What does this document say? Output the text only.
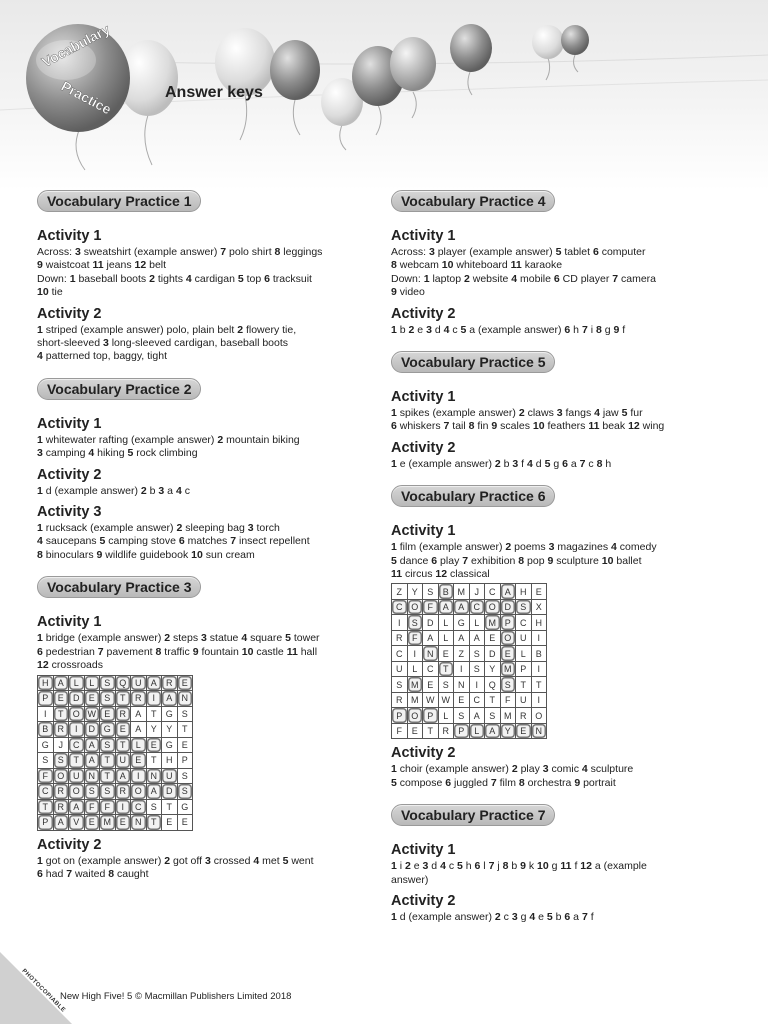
Vocabulary
Practice	Answer keys
Vocabulary Practice 1
Activity 1
Across: 3 sweatshirt (example answer) 7 polo shirt 8 leggings
9 waistcoat 11 jeans 12 belt
Down: 1 baseball boots 2 tights 4 cardigan 5 top 6 tracksuit
10 tie
Activity 2
1 striped (example answer) polo, plain belt 2 flowery tie,
short-sleeved 3 long-sleeved cardigan, baseball boots
4 patterned top, baggy, tight
Vocabulary Practice 2
Activity 1
1 whitewater rafting (example answer) 2 mountain biking
3 camping 4 hiking 5 rock climbing
Activity 2
1 d (example answer) 2 b 3 a 4 c
Activity 3
1 rucksack (example answer) 2 sleeping bag 3 torch
4 saucepans 5 camping stove 6 matches 7 insect repellent
8 binoculars 9 wildlife guidebook 10 sun cream
Vocabulary Practice 3
Activity 1
1 bridge (example answer) 2 steps 3 statue 4 square 5 tower
6 pedestrian 7 pavement 8 traffic 9 fountain 10 castle 11 hall
12 crossroads
H	A	L	L	S	Q	U	A	R	E
P	E	D	E	S	T	R	I	A	N
I	T	O	W	E	R	A	T	G	S
B	R	I	D	G	E	A	Y	Y	T
G	J	C	A	S	T	L	E	G	E
S	S	T	A	T	U	E	T	H	P
F	O	U	N	T	A	I	N	U	S
C	R	O	S	S	R	O	A	D	S
T	R	A	F	F	I	C	S	T	G
P	A	V	E	M	E	N	T	E	E
Activity 2
1 got on (example answer) 2 got off 3 crossed 4 met 5 went
6 had 7 waited 8 caught
Vocabulary Practice 4
Activity 1
Across: 3 player (example answer) 5 tablet 6 computer
8 webcam 10 whiteboard 11 karaoke
Down: 1 laptop 2 website 4 mobile 6 CD player 7 camera
9 video
Activity 2
1 b 2 e 3 d 4 c 5 a (example answer) 6 h 7 i 8 g 9 f
Vocabulary Practice 5
Activity 1
1 spikes (example answer) 2 claws 3 fangs 4 jaw 5 fur
6 whiskers 7 tail 8 fin 9 scales 10 feathers 11 beak 12 wing
Activity 2
1 e (example answer) 2 b 3 f 4 d 5 g 6 a 7 c 8 h
Vocabulary Practice 6
Activity 1
1 film (example answer) 2 poems 3 magazines 4 comedy
5 dance 6 play 7 exhibition 8 pop 9 sculpture 10 ballet
11 circus 12 classical
Z	Y	S	B	M	J	C	A	H	E
C	O	F	A	A	C	O	D	S	X
I	S	D	L	G	L	M	P	C	H
R	F	A	L	A	A	E	O	U	I
C	I	N	E	Z	S	D	E	L	B
U	L	C	T	I	S	Y	M	P	I
S	M	E	S	N	I	Q	S	T	T
R	M	W	W	E	C	T	F	U	I
P	O	P	L	S	A	S	M	R	O
F	E	T	R	P	L	A	Y	E	N
Activity 2
1 choir (example answer) 2 play 3 comic 4 sculpture
5 compose 6 juggled 7 film 8 orchestra 9 portrait
Vocabulary Practice 7
Activity 1
1 i 2 e 3 d 4 c 5 h 6 l 7 j 8 b 9 k 10 g 11 f 12 a (example
answer)
Activity 2
1 d (example answer) 2 c 3 g 4 e 5 b 6 a 7 f
PHOTOCOPIABLE
New High Five! 5 © Macmillan Publishers Limited 2018
